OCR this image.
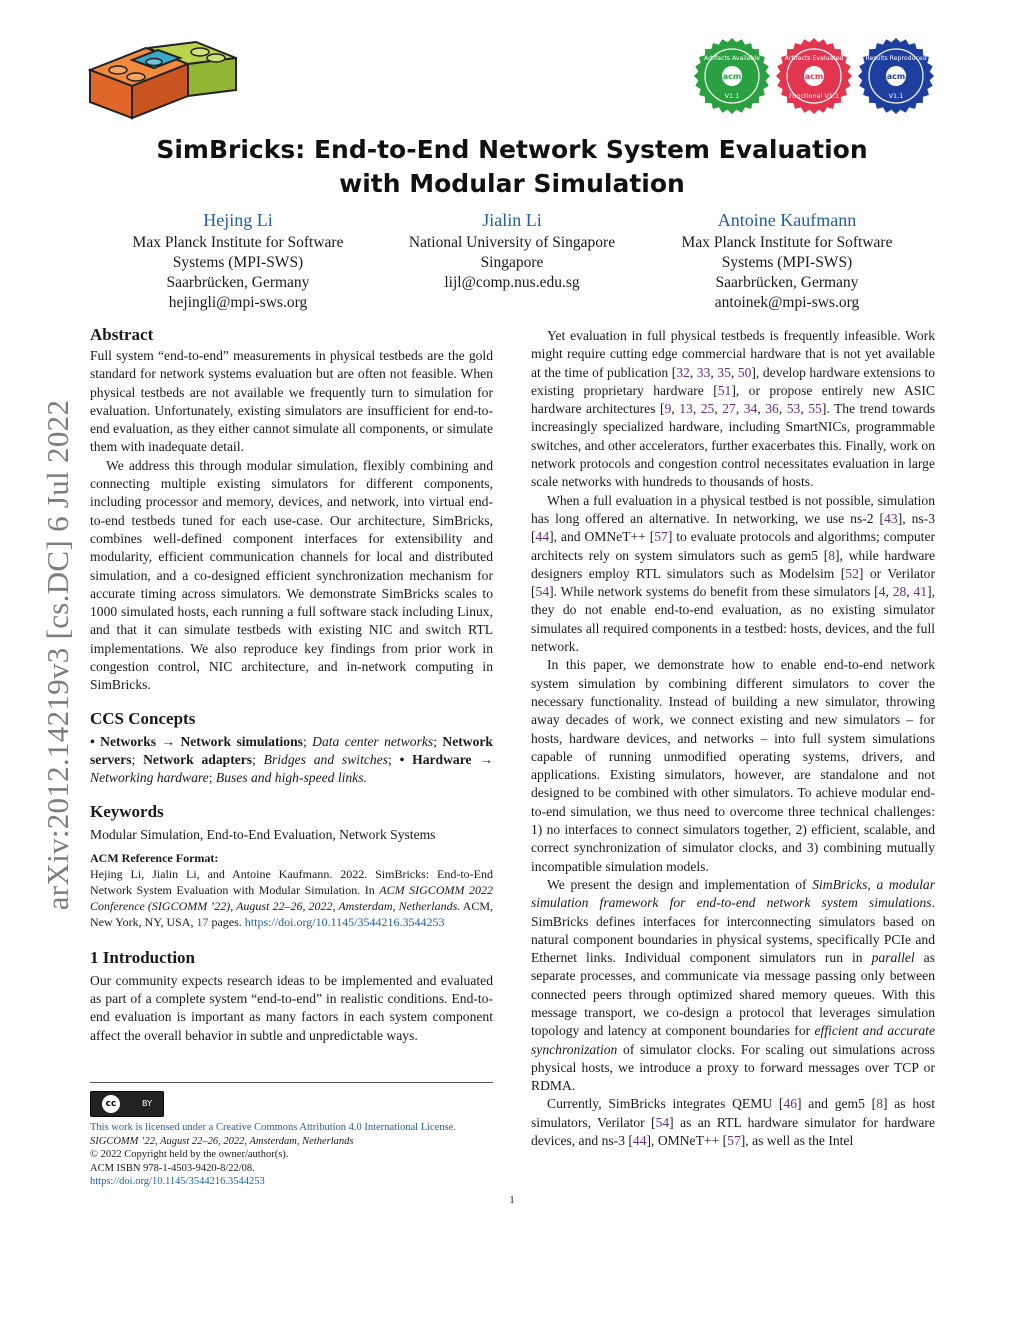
arXiv:2012.14219v3 [cs.DC] 6 Jul 2022
acm
Artifacts Available
V1.1
acm
Artifacts Evaluated
Functional V1.1
acm
Results Reproduced
V1.1
SimBricks: End-to-End Network System Evaluation
with Modular Simulation
Hejing Li
Max Planck Institute for Software
Systems (MPI-SWS)
Saarbrücken, Germany
hejingli@mpi-sws.org
Jialin Li
National University of Singapore
Singapore
lijl@comp.nus.edu.sg
Antoine Kaufmann
Max Planck Institute for Software
Systems (MPI-SWS)
Saarbrücken, Germany
antoinek@mpi-sws.org
Abstract

Full system “end-to-end” measurements in physical testbeds are the gold standard for network systems evaluation but are often not feasible. When physical testbeds are not available we frequently turn to simulation for evaluation. Unfortunately, existing simulators are insufficient for end-to-end evaluation, as they either cannot simulate all components, or simulate them with inadequate detail.

We address this through modular simulation, flexibly combining and connecting multiple existing simulators for different components, including processor and memory, devices, and network, into virtual end-to-end testbeds tuned for each use-case. Our architecture, SimBricks, combines well-defined component interfaces for extensibility and modularity, efficient communication channels for local and distributed simulation, and a co-designed efficient synchronization mechanism for accurate timing across simulators. We demonstrate SimBricks scales to 1000 simulated hosts, each running a full software stack including Linux, and that it can simulate testbeds with existing NIC and switch RTL implementations. We also reproduce key findings from prior work in congestion control, NIC architecture, and in-network computing in SimBricks.

CCS Concepts

• Networks → Network simulations; Data center networks; Network servers; Network adapters; Bridges and switches; • Hardware → Networking hardware; Buses and high-speed links.

Keywords

Modular Simulation, End-to-End Evaluation, Network Systems

ACM Reference Format:
Hejing Li, Jialin Li, and Antoine Kaufmann. 2022. SimBricks: End-to-End Network System Evaluation with Modular Simulation. In ACM SIGCOMM 2022 Conference (SIGCOMM ’22), August 22–26, 2022, Amsterdam, Netherlands. ACM, New York, NY, USA, 17 pages. https://doi.org/10.1145/3544216.3544253
1 Introduction

Our community expects research ideas to be implemented and evaluated as part of a complete system “end-to-end” in realistic conditions. End-to-end evaluation is important as many factors in each system component affect the overall behavior in subtle and unpredictable ways.

cc	BY
This work is licensed under a Creative Commons Attribution 4.0 International License.
SIGCOMM ’22, August 22–26, 2022, Amsterdam, Netherlands
© 2022 Copyright held by the owner/author(s).
ACM ISBN 978-1-4503-9420-8/22/08.
https://doi.org/10.1145/3544216.3544253

Yet evaluation in full physical testbeds is frequently infeasible. Work might require cutting edge commercial hardware that is not yet available at the time of publication [32, 33, 35, 50], develop hardware extensions to existing proprietary hardware [51], or propose entirely new ASIC hardware architectures [9, 13, 25, 27, 34, 36, 53, 55]. The trend towards increasingly specialized hardware, including SmartNICs, programmable switches, and other accelerators, further exacerbates this. Finally, work on network protocols and congestion control necessitates evaluation in large scale networks with hundreds to thousands of hosts.

When a full evaluation in a physical testbed is not possible, simulation has long offered an alternative. In networking, we use ns-2 [43], ns-3 [44], and OMNeT++ [57] to evaluate protocols and algorithms; computer architects rely on system simulators such as gem5 [8], while hardware designers employ RTL simulators such as Modelsim [52] or Verilator [54]. While network systems do benefit from these simulators [4, 28, 41], they do not enable end-to-end evaluation, as no existing simulator simulates all required components in a testbed: hosts, devices, and the full network.

In this paper, we demonstrate how to enable end-to-end network system simulation by combining different simulators to cover the necessary functionality. Instead of building a new simulator, throwing away decades of work, we connect existing and new simulators – for hosts, hardware devices, and networks – into full system simulations capable of running unmodified operating systems, drivers, and applications. Existing simulators, however, are standalone and not designed to be combined with other simulators. To achieve modular end-to-end simulation, we thus need to overcome three technical challenges: 1) no interfaces to connect simulators together, 2) efficient, scalable, and correct synchronization of simulator clocks, and 3) combining mutually incompatible simulation models.

We present the design and implementation of SimBricks, a modular simulation framework for end-to-end network system simulations. SimBricks defines interfaces for interconnecting simulators based on natural component boundaries in physical systems, specifically PCIe and Ethernet links. Individual component simulators run in parallel as separate processes, and communicate via message passing only between connected peers through optimized shared memory queues. With this message transport, we co-design a protocol that leverages simulation topology and latency at component boundaries for efficient and accurate synchronization of simulator clocks. For scaling out simulations across physical hosts, we introduce a proxy to forward messages over TCP or RDMA.

Currently, SimBricks integrates QEMU [46] and gem5 [8] as host simulators, Verilator [54] as an RTL hardware simulator for hardware devices, and ns-3 [44], OMNeT++ [57], as well as the Intel

1
